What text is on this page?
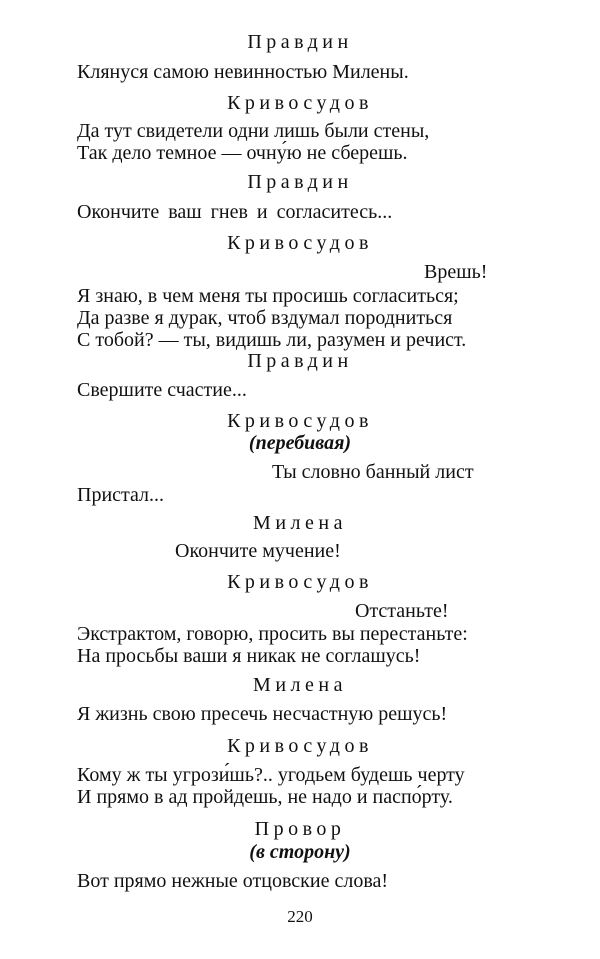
Правдин
Клянуся самою невинностью Милены.
Кривосудов
Да тут свидетели одни лишь были стены,
Так дело темное — очну́ю не сберешь.
Правдин
Окончите ваш гнев и согласитесь...
Кривосудов
Врешь!
Я знаю, в чем меня ты просишь согласиться;
Да разве я дурак, чтоб вздумал породниться
С тобой? — ты, видишь ли, разумен и речист.
Правдин
Свершите счастие...
Кривосудов
(перебивая)
Ты словно банный лист
Пристал...
Милена
Окончите мучение!
Кривосудов
Отстаньте!
Экстрактом, говорю, просить вы перестаньте:
На просьбы ваши я никак не соглашусь!
Милена
Я жизнь свою пресечь несчастную решусь!
Кривосудов
Кому ж ты угрози́шь?.. угодьем будешь черту
И прямо в ад пройдешь, не надо и паспо́рту.
Провор
(в сторону)
Вот прямо нежные отцовские слова!
220
